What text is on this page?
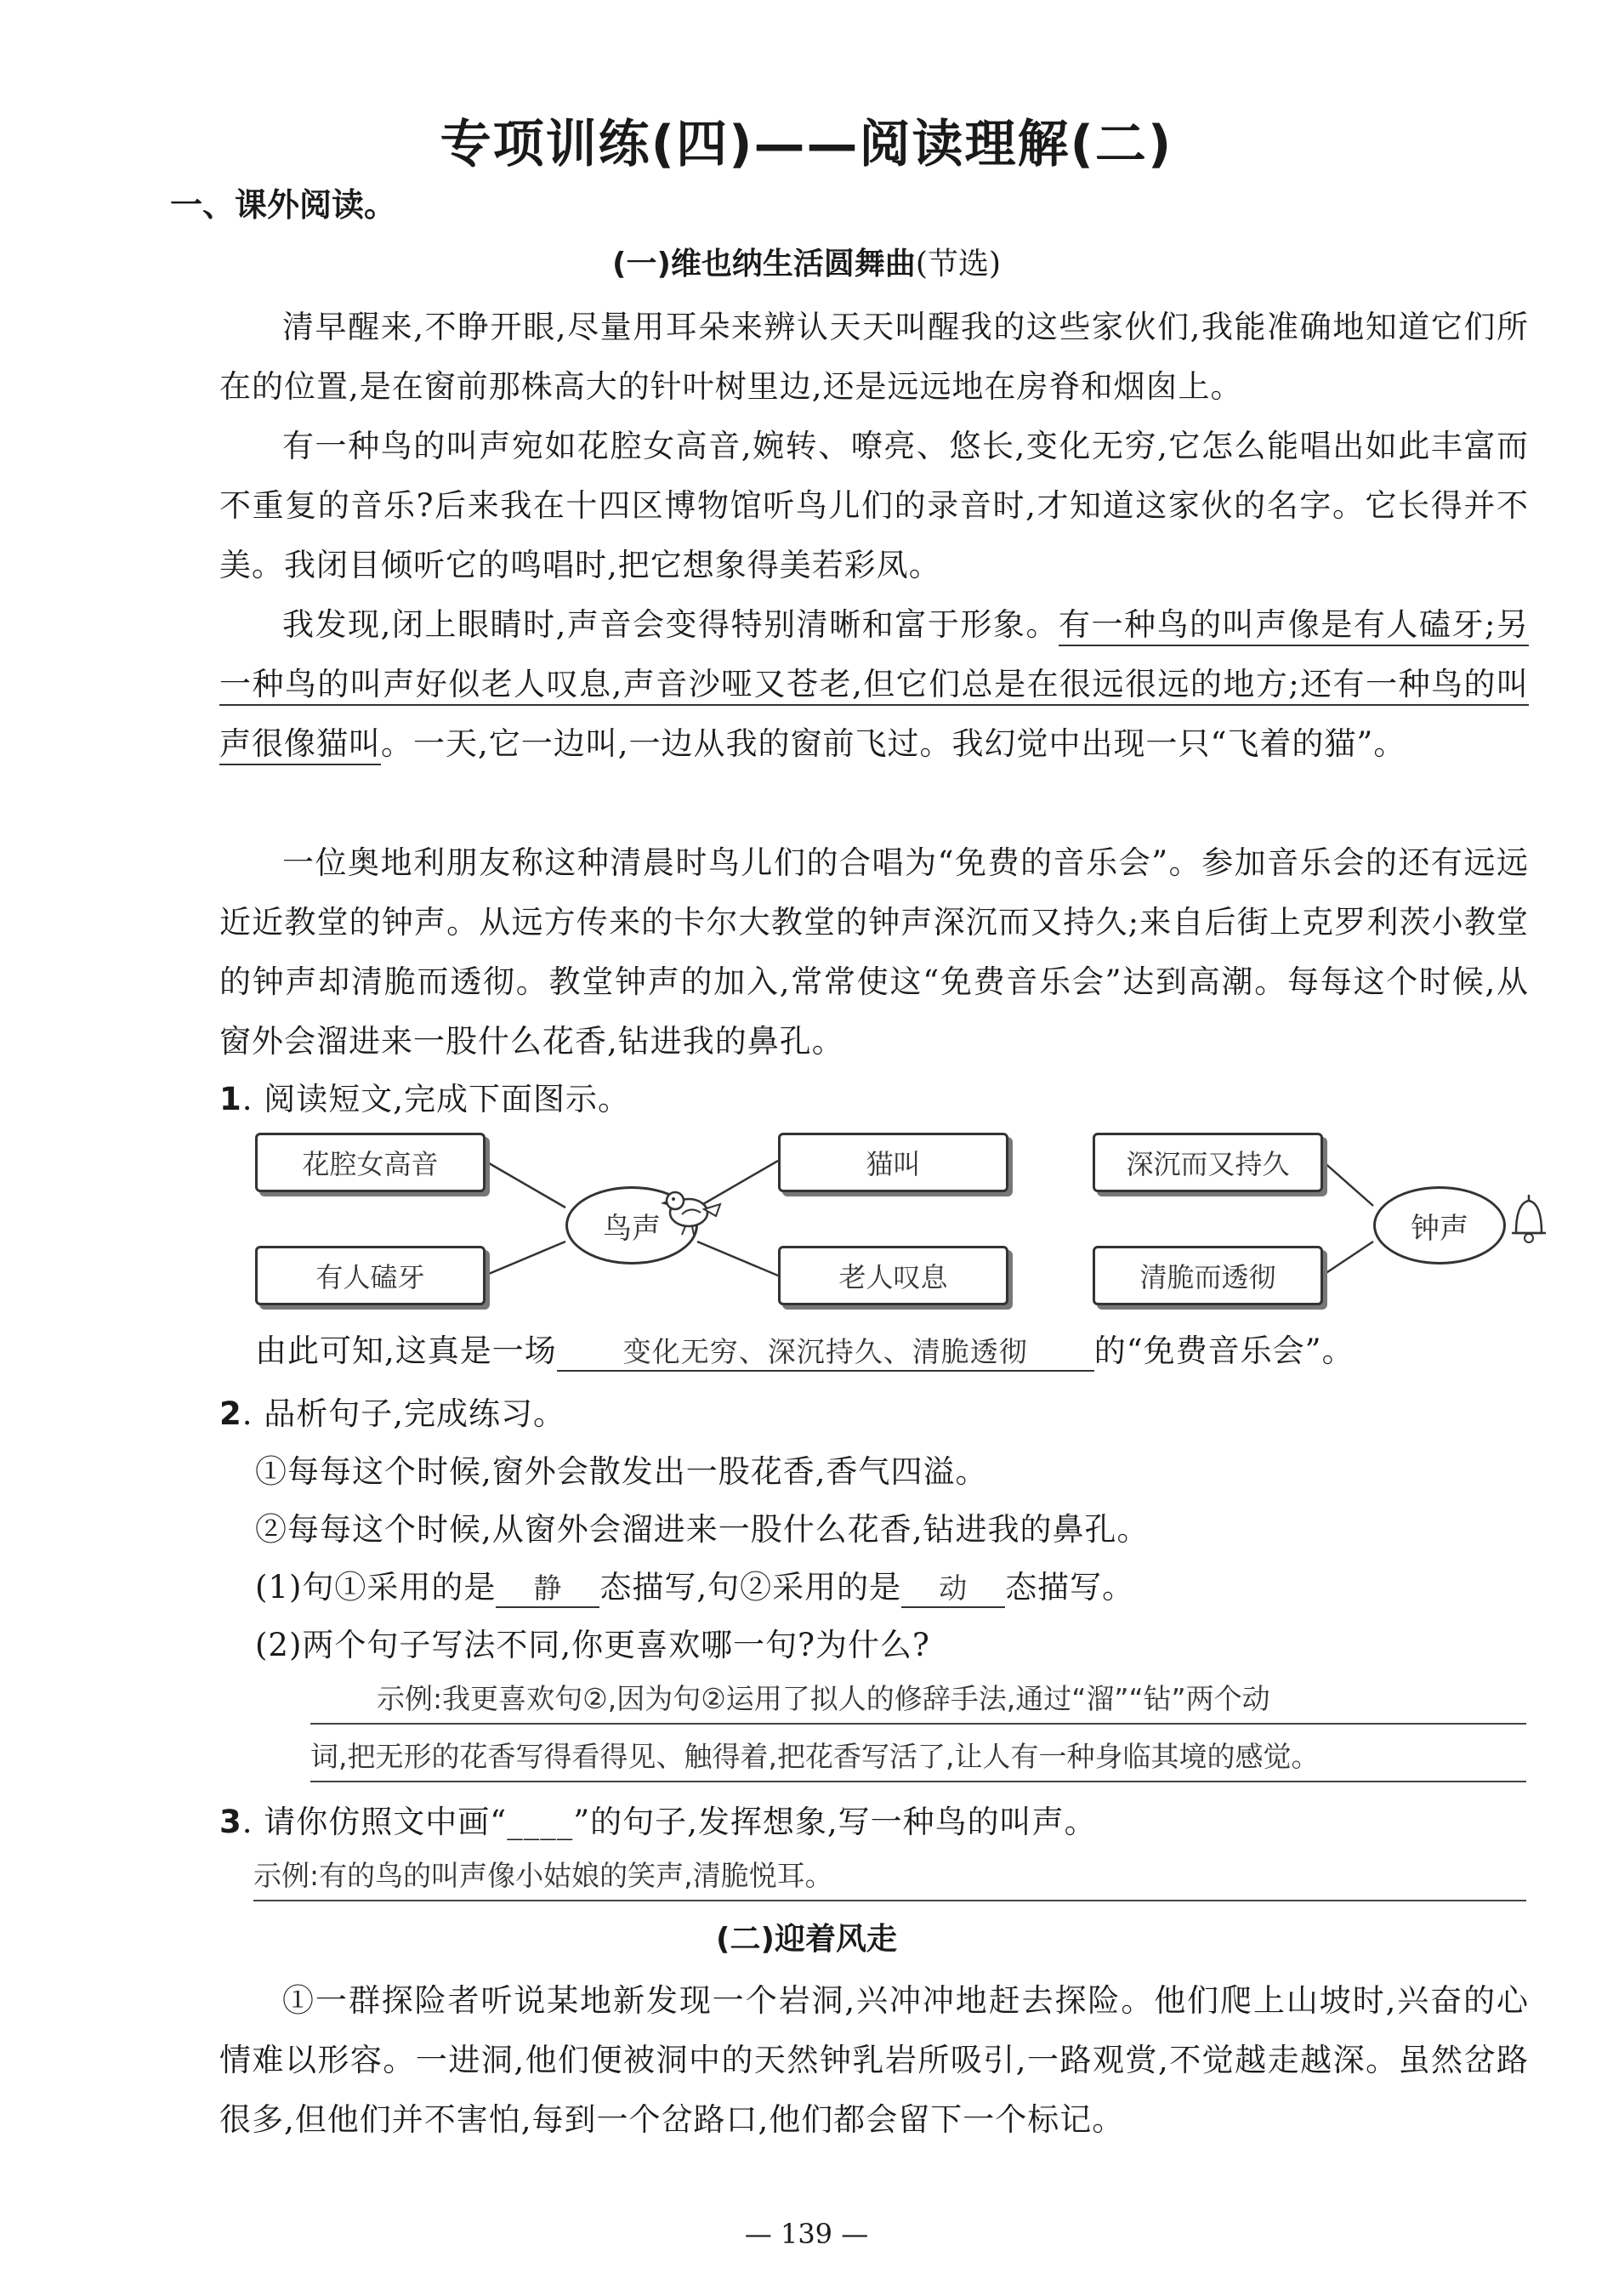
专项训练(四)——阅读理解(二)
一、课外阅读。
(一)维也纳生活圆舞曲(节选)
清早醒来,不睁开眼,尽量用耳朵来辨认天天叫醒我的这些家伙们,我能准确地知道它们所在的位置,是在窗前那株高大的针叶树里边,还是远远地在房脊和烟囱上。
有一种鸟的叫声宛如花腔女高音,婉转、嘹亮、悠长,变化无穷,它怎么能唱出如此丰富而不重复的音乐?后来我在十四区博物馆听鸟儿们的录音时,才知道这家伙的名字。它长得并不美。我闭目倾听它的鸣唱时,把它想象得美若彩凤。
我发现,闭上眼睛时,声音会变得特别清晰和富于形象。有一种鸟的叫声像是有人磕牙;另一种鸟的叫声好似老人叹息,声音沙哑又苍老,但它们总是在很远很远的地方;还有一种鸟的叫声很像猫叫。一天,它一边叫,一边从我的窗前飞过。我幻觉中出现一只“飞着的猫”。
一位奥地利朋友称这种清晨时鸟儿们的合唱为“免费的音乐会”。参加音乐会的还有远远近近教堂的钟声。从远方传来的卡尔大教堂的钟声深沉而又持久;来自后街上克罗利茨小教堂的钟声却清脆而透彻。教堂钟声的加入,常常使这“免费音乐会”达到高潮。每每这个时候,从窗外会溜进来一股什么花香,钻进我的鼻孔。
1. 阅读短文,完成下面图示。
花腔女高音
有人磕牙
猫叫
老人叹息
鸟声
深沉而又持久
清脆而透彻
钟声
由此可知,这真是一场 变化无穷、深沉持久、清脆透彻 的“免费音乐会”。
2. 品析句子,完成练习。
①每每这个时候,窗外会散发出一股花香,香气四溢。
②每每这个时候,从窗外会溜进来一股什么花香,钻进我的鼻孔。
(1)句①采用的是 静 态描写,句②采用的是 动 态描写。
(2)两个句子写法不同,你更喜欢哪一句?为什么?
示例:我更喜欢句②,因为句②运用了拟人的修辞手法,通过“溜”“钻”两个动
词,把无形的花香写得看得见、触得着,把花香写活了,让人有一种身临其境的感觉。
3. 请你仿照文中画“____”的句子,发挥想象,写一种鸟的叫声。
示例:有的鸟的叫声像小姑娘的笑声,清脆悦耳。
(二)迎着风走
①一群探险者听说某地新发现一个岩洞,兴冲冲地赶去探险。他们爬上山坡时,兴奋的心情难以形容。一进洞,他们便被洞中的天然钟乳岩所吸引,一路观赏,不觉越走越深。虽然岔路很多,但他们并不害怕,每到一个岔路口,他们都会留下一个标记。
— 139 —
